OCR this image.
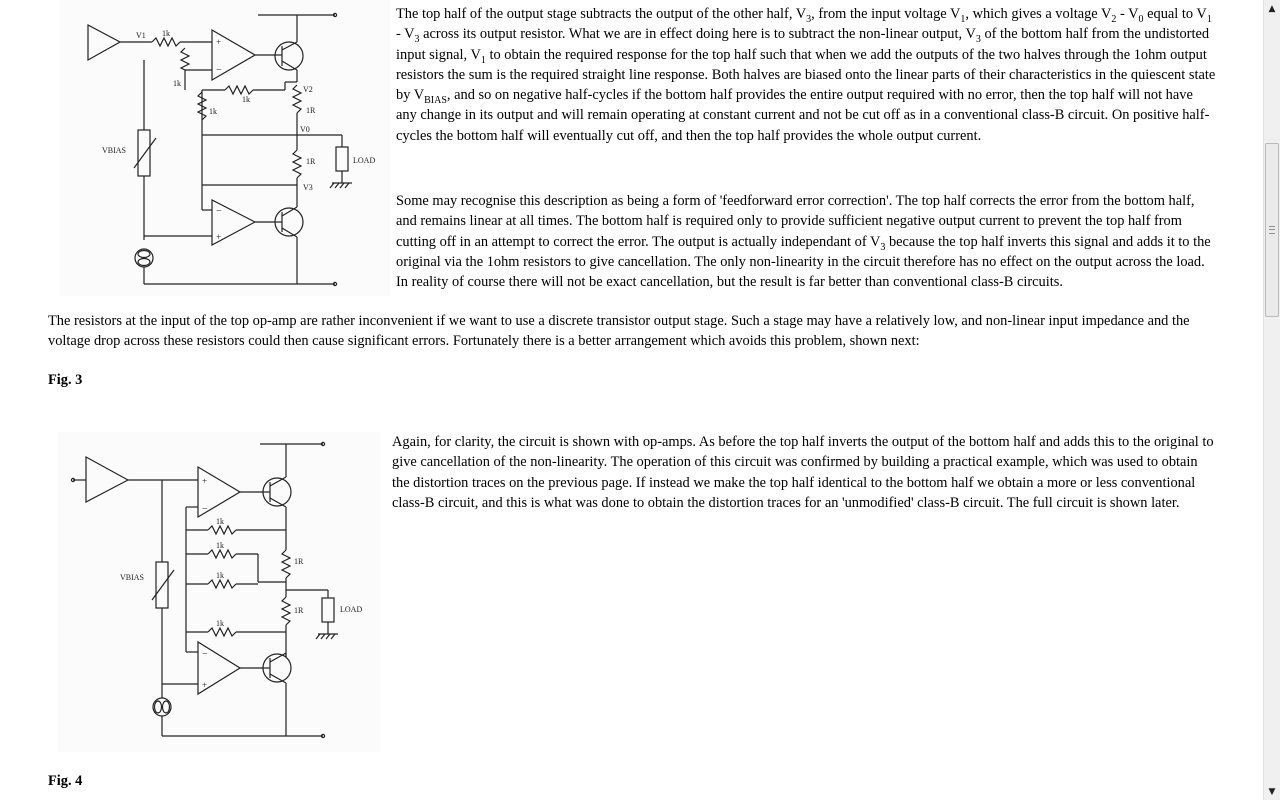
V1 1k
+
−
V2
1R
V0
LOAD
1R
V3
1k
1k
1k
VBIAS
−
+

The top half of the output stage subtracts the output of the other half, $V_3$, from the input voltage $V_1$, which gives a voltage $V_2 - V_0$ equal to $V_1 - V_3$ across its output resistor. What we are in effect doing here is to subtract the non-linear output, $V_3$ of the bottom half from the undistorted input signal, $V_1$ to obtain the required response for the top half such that when we add the outputs of the two halves through the 1ohm output resistors the sum is the required straight line response. Both halves are biased onto the linear parts of their characteristics in the quiescent state by $V_{BIAS}$, and so on negative half-cycles if the bottom half provides the entire output required with no error, then the top half will not have any change in its output and will remain operating at constant current and not be cut off as in a conventional class-B circuit. On positive half-cycles the bottom half will eventually cut off, and then the top half provides the whole output current.

Some may recognise this description as being a form of 'feedforward error correction'. The top half corrects the error from the bottom half, and remains linear at all times. The bottom half is required only to provide sufficient negative output current to prevent the top half from cutting off in an attempt to correct the error. The output is actually independant of $V_3$ because the top half inverts this signal and adds it to the original via the 1ohm resistors to give cancellation. The only non-linearity in the circuit therefore has no effect on the output across the load. In reality of course there will not be exact cancellation, but the result is far better than conventional class-B circuits.

The resistors at the input of the top op-amp are rather inconvenient if we want to use a discrete transistor output stage. Such a stage may have a relatively low, and non-linear input impedance and the voltage drop across these resistors could then cause significant errors. Fortunately there is a better arrangement which avoids this problem, shown next:

Fig. 3
+
−
1k
1k
1R
1R	LOAD
1k
1k
VBIAS
−
+

Again, for clarity, the circuit is shown with op-amps. As before the top half inverts the output of the bottom half and adds this to the original to give cancellation of the non-linearity. The operation of this circuit was confirmed by building a practical example, which was used to obtain the distortion traces on the previous page. If instead we make the top half identical to the bottom half we obtain a more or less conventional class-B circuit, and this is what was done to obtain the distortion traces for an 'unmodified' class-B circuit. The full circuit is shown later.

Fig. 4
▲
▼
